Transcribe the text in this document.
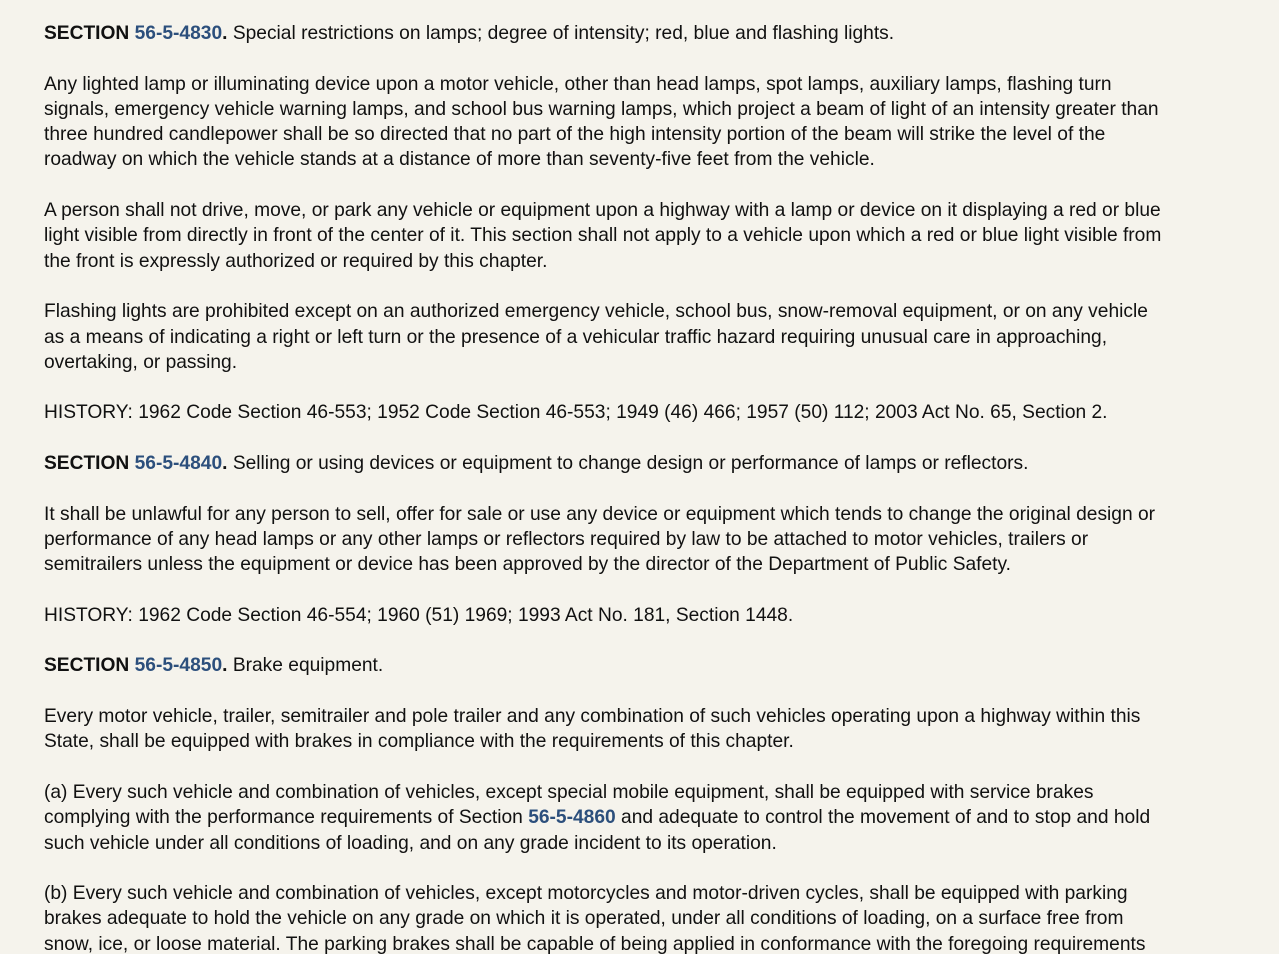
SECTION 56-5-4830. Special restrictions on lamps; degree of intensity; red, blue and flashing lights.

Any lighted lamp or illuminating device upon a motor vehicle, other than head lamps, spot lamps, auxiliary lamps, flashing turn
signals, emergency vehicle warning lamps, and school bus warning lamps, which project a beam of light of an intensity greater than
three hundred candlepower shall be so directed that no part of the high intensity portion of the beam will strike the level of the
roadway on which the vehicle stands at a distance of more than seventy-five feet from the vehicle.

A person shall not drive, move, or park any vehicle or equipment upon a highway with a lamp or device on it displaying a red or blue
light visible from directly in front of the center of it. This section shall not apply to a vehicle upon which a red or blue light visible from
the front is expressly authorized or required by this chapter.

Flashing lights are prohibited except on an authorized emergency vehicle, school bus, snow-removal equipment, or on any vehicle
as a means of indicating a right or left turn or the presence of a vehicular traffic hazard requiring unusual care in approaching,
overtaking, or passing.

HISTORY: 1962 Code Section 46-553; 1952 Code Section 46-553; 1949 (46) 466; 1957 (50) 112; 2003 Act No. 65, Section 2.

SECTION 56-5-4840. Selling or using devices or equipment to change design or performance of lamps or reflectors.

It shall be unlawful for any person to sell, offer for sale or use any device or equipment which tends to change the original design or
performance of any head lamps or any other lamps or reflectors required by law to be attached to motor vehicles, trailers or
semitrailers unless the equipment or device has been approved by the director of the Department of Public Safety.

HISTORY: 1962 Code Section 46-554; 1960 (51) 1969; 1993 Act No. 181, Section 1448.

SECTION 56-5-4850. Brake equipment.

Every motor vehicle, trailer, semitrailer and pole trailer and any combination of such vehicles operating upon a highway within this
State, shall be equipped with brakes in compliance with the requirements of this chapter.

(a) Every such vehicle and combination of vehicles, except special mobile equipment, shall be equipped with service brakes
complying with the performance requirements of Section 56-5-4860 and adequate to control the movement of and to stop and hold
such vehicle under all conditions of loading, and on any grade incident to its operation.

(b) Every such vehicle and combination of vehicles, except motorcycles and motor-driven cycles, shall be equipped with parking
brakes adequate to hold the vehicle on any grade on which it is operated, under all conditions of loading, on a surface free from
snow, ice, or loose material. The parking brakes shall be capable of being applied in conformance with the foregoing requirements
